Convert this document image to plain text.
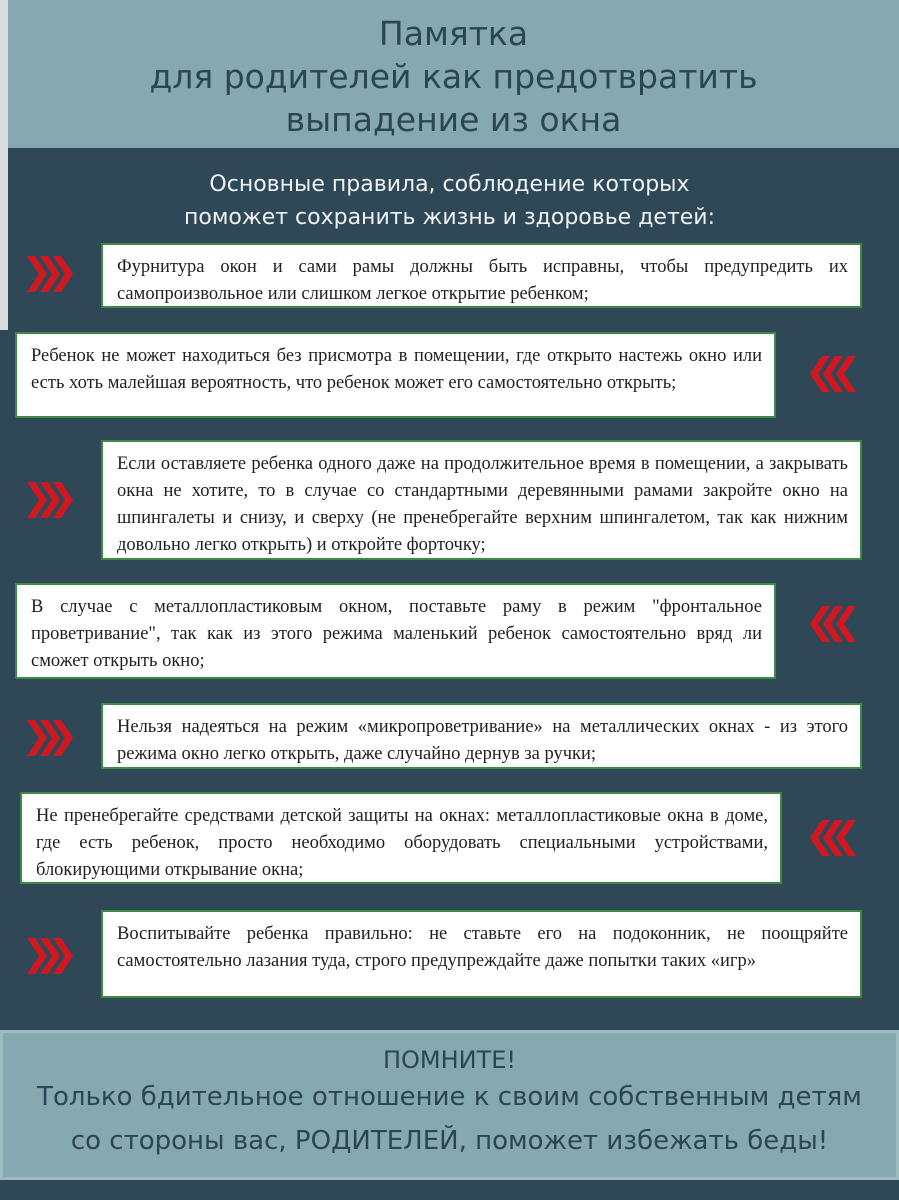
Памятка
для родителей как предотвратить
выпадение из окна
Основные правила, соблюдение которых
поможет сохранить жизнь и здоровье детей:
Фурнитура окон и сами рамы должны быть исправны, чтобы предупредить их самопроизвольное или слишком легкое открытие ребенком;
Ребенок не может находиться без присмотра в помещении, где открыто настежь окно или есть хоть малейшая вероятность, что ребенок может его самостоятельно открыть;
Если оставляете ребенка одного даже на продолжительное время в помещении, а закрывать окна не хотите, то в случае со стандартными деревянными рамами закройте окно на шпингалеты и снизу, и сверху (не пренебрегайте верхним шпингалетом, так как нижним довольно легко открыть) и откройте форточку;
В случае с металлопластиковым окном, поставьте раму в режим "фронтальное проветривание", так как из этого режима маленький ребенок самостоятельно вряд ли сможет открыть окно;
Нельзя надеяться на режим «микропроветривание» на металлических окнах - из этого режима окно легко открыть, даже случайно дернув за ручки;
Не пренебрегайте средствами детской защиты на окнах: металлопластиковые окна в доме, где есть ребенок, просто необходимо оборудовать специальными устройствами, блокирующими открывание окна;
Воспитывайте ребенка правильно: не ставьте его на подоконник, не поощряйте самостоятельно лазания туда, строго предупреждайте даже попытки таких «игр»
ПОМНИТЕ!
Только бдительное отношение к своим собственным детям со стороны вас, РОДИТЕЛЕЙ, поможет избежать беды!
